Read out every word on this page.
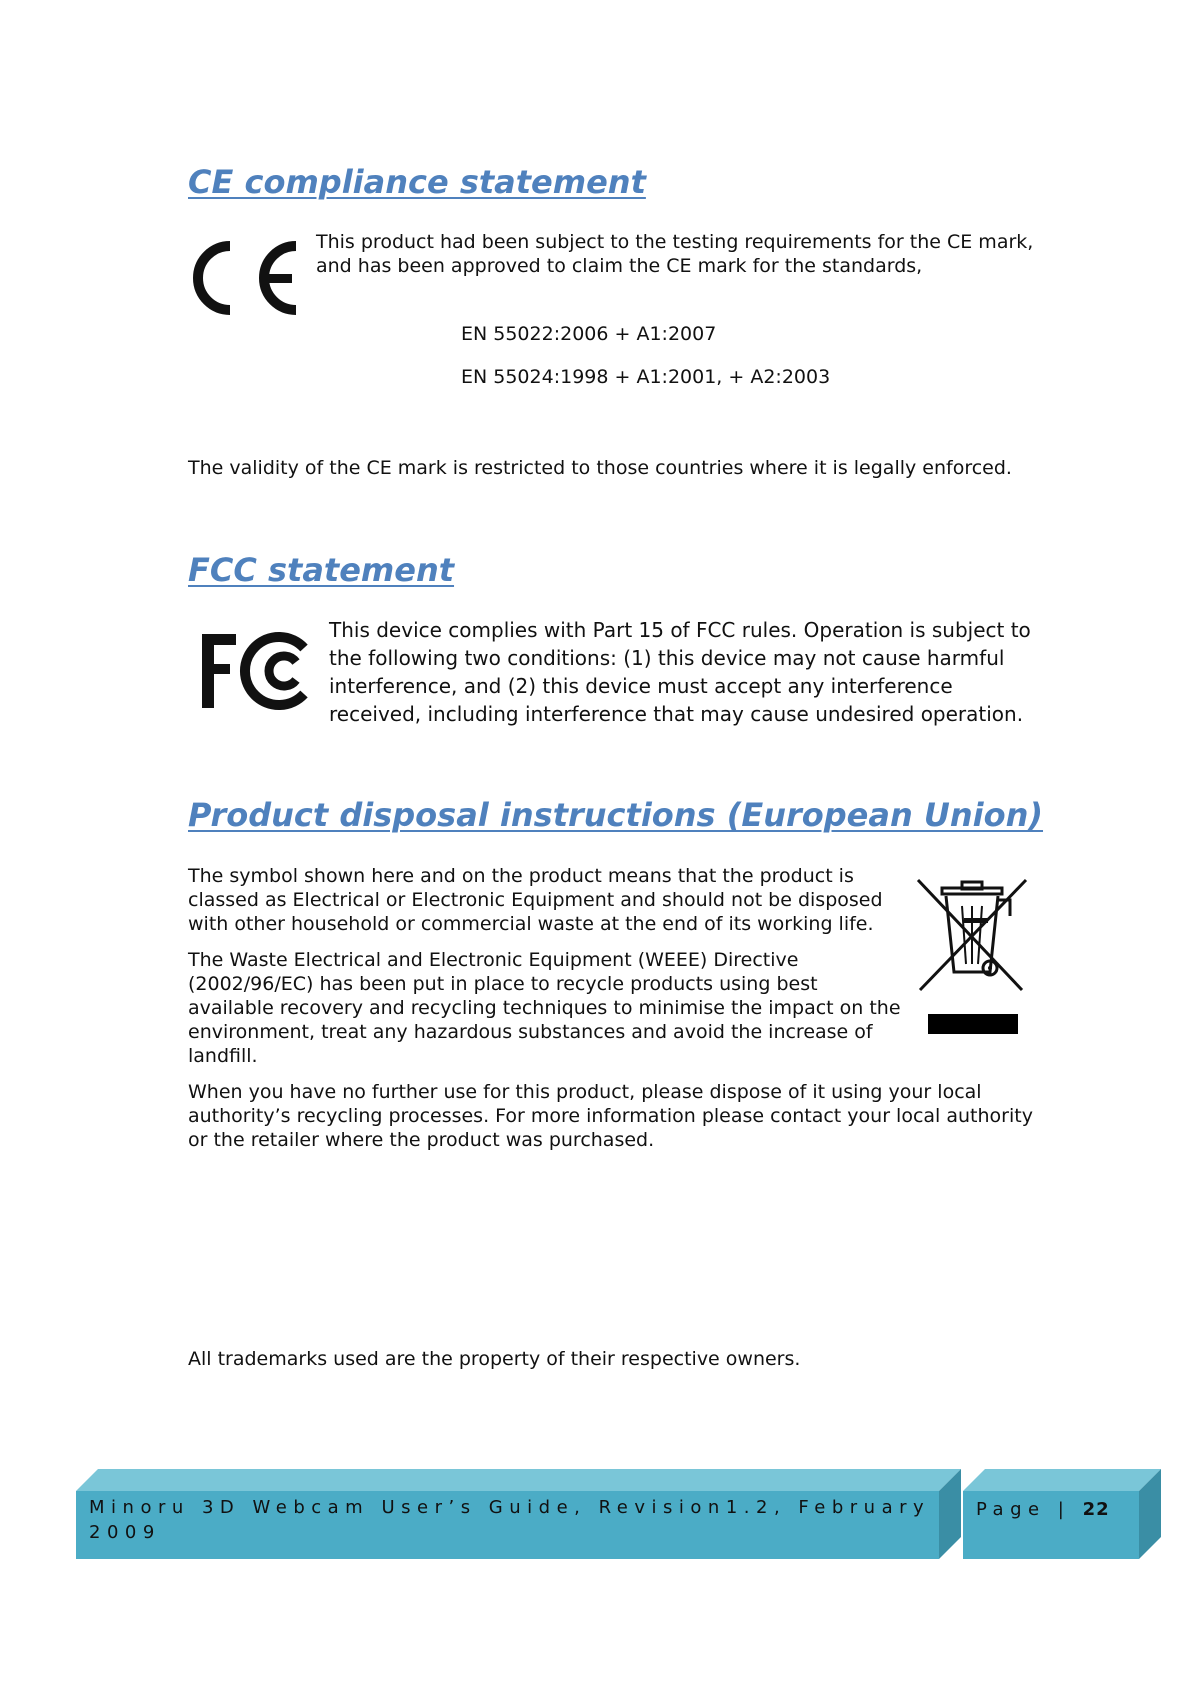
CE compliance statement

This product had been subject to the testing requirements for the CE mark, and has been approved to claim the CE mark for the standards,

EN 55022:2006 + A1:2007
EN 55024:1998 + A1:2001, + A2:2003

The validity of the CE mark is restricted to those countries where it is legally enforced.

FCC statement

This device complies with Part 15 of FCC rules. Operation is subject to the following two conditions: (1) this device may not cause harmful interference, and (2) this device must accept any interference received, including interference that may cause undesired operation.

Product disposal instructions (European Union)

The symbol shown here and on the product means that the product is classed as Electrical or Electronic Equipment and should not be disposed with other household or commercial waste at the end of its working life.

The Waste Electrical and Electronic Equipment (WEEE) Directive (2002/96/EC) has been put in place to recycle products using best available recovery and recycling techniques to minimise the impact on the environment, treat any hazardous substances and avoid the increase of landfill.

When you have no further use for this product, please dispose of it using your local authority’s recycling processes. For more information please contact your local authority or the retailer where the product was purchased.

All trademarks used are the property of their respective owners.

Minoru 3D Webcam User’s Guide, Revision1.2, February 2009
Page | 22
